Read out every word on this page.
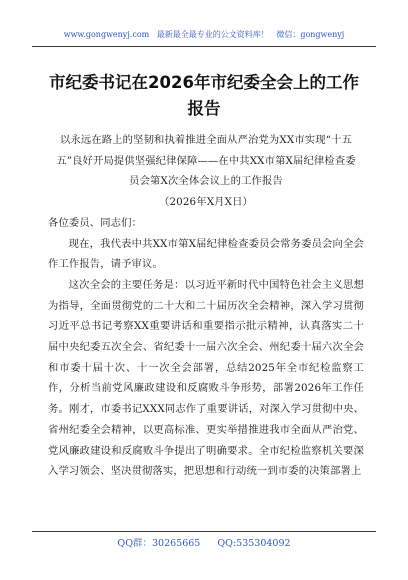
www.gongwenyj.com 最新最全最专业的公文资料库！ 微信：gongwenyj
市纪委书记在2026年市纪委全会上的工作报告

以永远在路上的坚韧和执着推进全面从严治党为XX市实现“十五五”良好开局提供坚强纪律保障——在中共XX市第X届纪律检查委员会第X次全体会议上的工作报告

（2026年X月X日）

各位委员、同志们：

现在，我代表中共XX市第X届纪律检查委员会常务委员会向全会作工作报告，请予审议。

这次全会的主要任务是：以习近平新时代中国特色社会主义思想为指导，全面贯彻党的二十大和二十届历次全会精神，深入学习贯彻习近平总书记考察XX重要讲话和重要指示批示精神，认真落实二十届中央纪委五次全会、省纪委十一届六次全会、州纪委十届六次全会和市委十届十次、十一次全会部署，总结2025年全市纪检监察工作，分析当前党风廉政建设和反腐败斗争形势，部署2026年工作任务。刚才，市委书记XXX同志作了重要讲话，对深入学习贯彻中央、省州纪委全会精神，以更高标准、更实举措推进我市全面从严治党、党风廉政建设和反腐败斗争提出了明确要求。全市纪检监察机关要深入学习领会、坚决贯彻落实，把思想和行动统一到市委的决策部署上

QQ群：30265665 QQ:535304092
